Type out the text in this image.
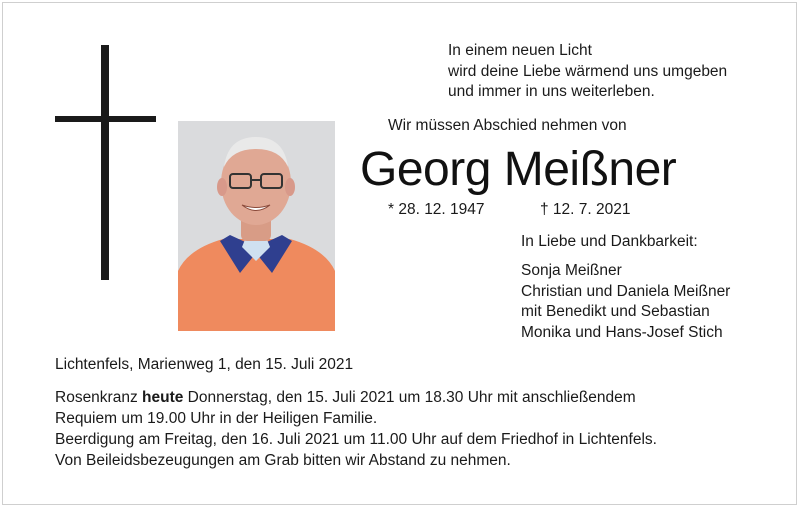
In einem neuen Licht
wird deine Liebe wärmend uns umgeben
und immer in uns weiterleben.
Wir müssen Abschied nehmen von
Georg Meißner
* 28. 12. 1947	† 12. 7. 2021
In Liebe und Dankbarkeit:
Sonja Meißner
Christian und Daniela Meißner
mit Benedikt und Sebastian
Monika und Hans-Josef Stich
Lichtenfels, Marienweg 1, den 15. Juli 2021
Rosenkranz heute Donnerstag, den 15. Juli 2021 um 18.30 Uhr mit anschließendem
Requiem um 19.00 Uhr in der Heiligen Familie.
Beerdigung am Freitag, den 16. Juli 2021 um 11.00 Uhr auf dem Friedhof in Lichtenfels.
Von Beileidsbezeugungen am Grab bitten wir Abstand zu nehmen.
